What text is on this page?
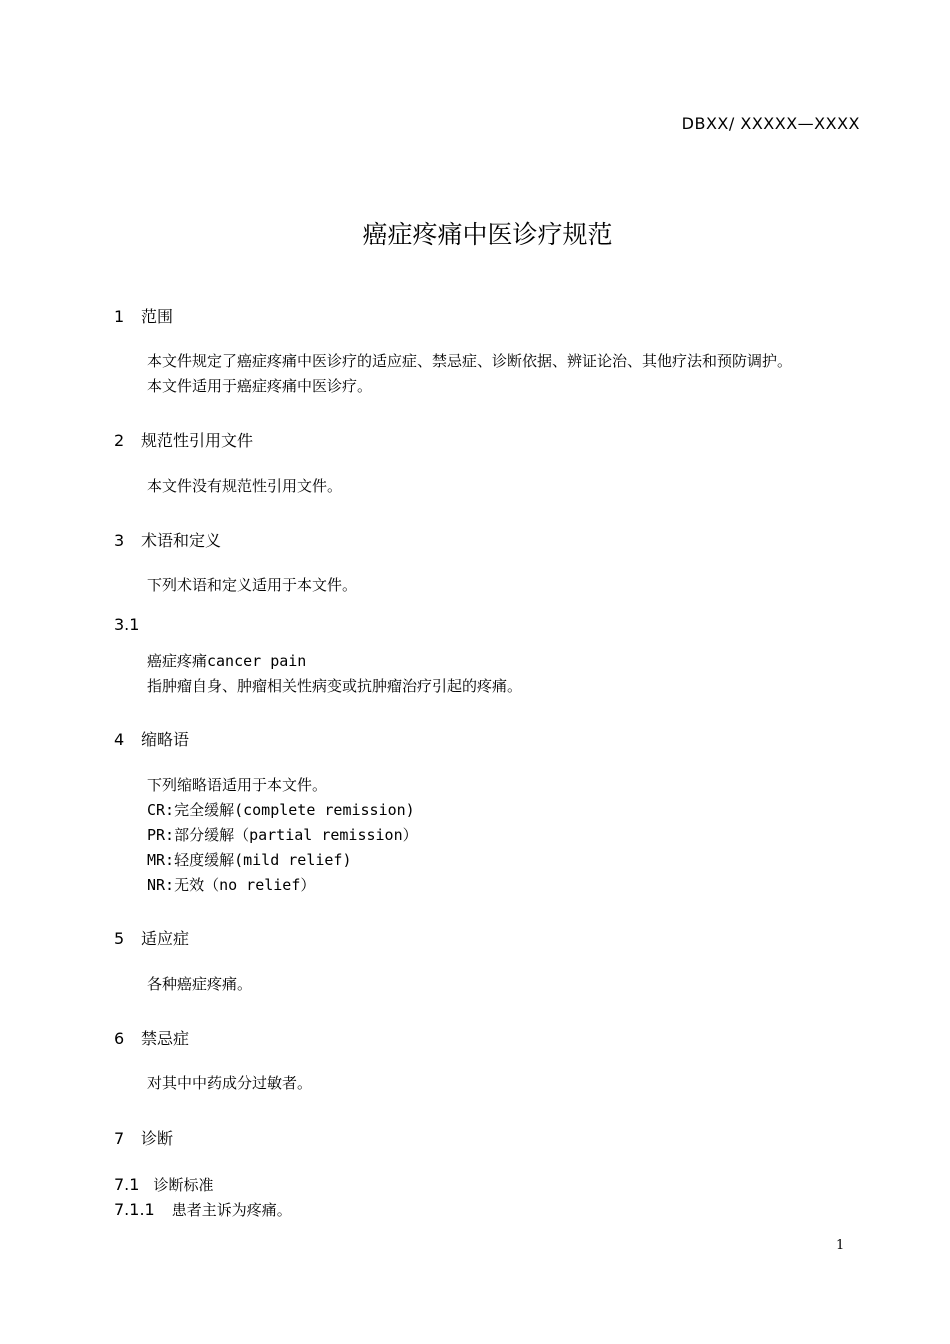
DBXX/ XXXXX—XXXX
癌症疼痛中医诊疗规范
1 范围
本文件规定了癌症疼痛中医诊疗的适应症、禁忌症、诊断依据、辨证论治、其他疗法和预防调护。
本文件适用于癌症疼痛中医诊疗。
2 规范性引用文件
本文件没有规范性引用文件。
3 术语和定义
下列术语和定义适用于本文件。
3.1
癌症疼痛cancer pain
指肿瘤自身、肿瘤相关性病变或抗肿瘤治疗引起的疼痛。
4 缩略语
下列缩略语适用于本文件。
CR:完全缓解(complete remission)
PR:部分缓解（partial remission）
MR:轻度缓解(mild relief)
NR:无效（no relief）
5 适应症
各种癌症疼痛。
6 禁忌症
对其中中药成分过敏者。
7 诊断
7.1 诊断标准
7.1.1 患者主诉为疼痛。
1
